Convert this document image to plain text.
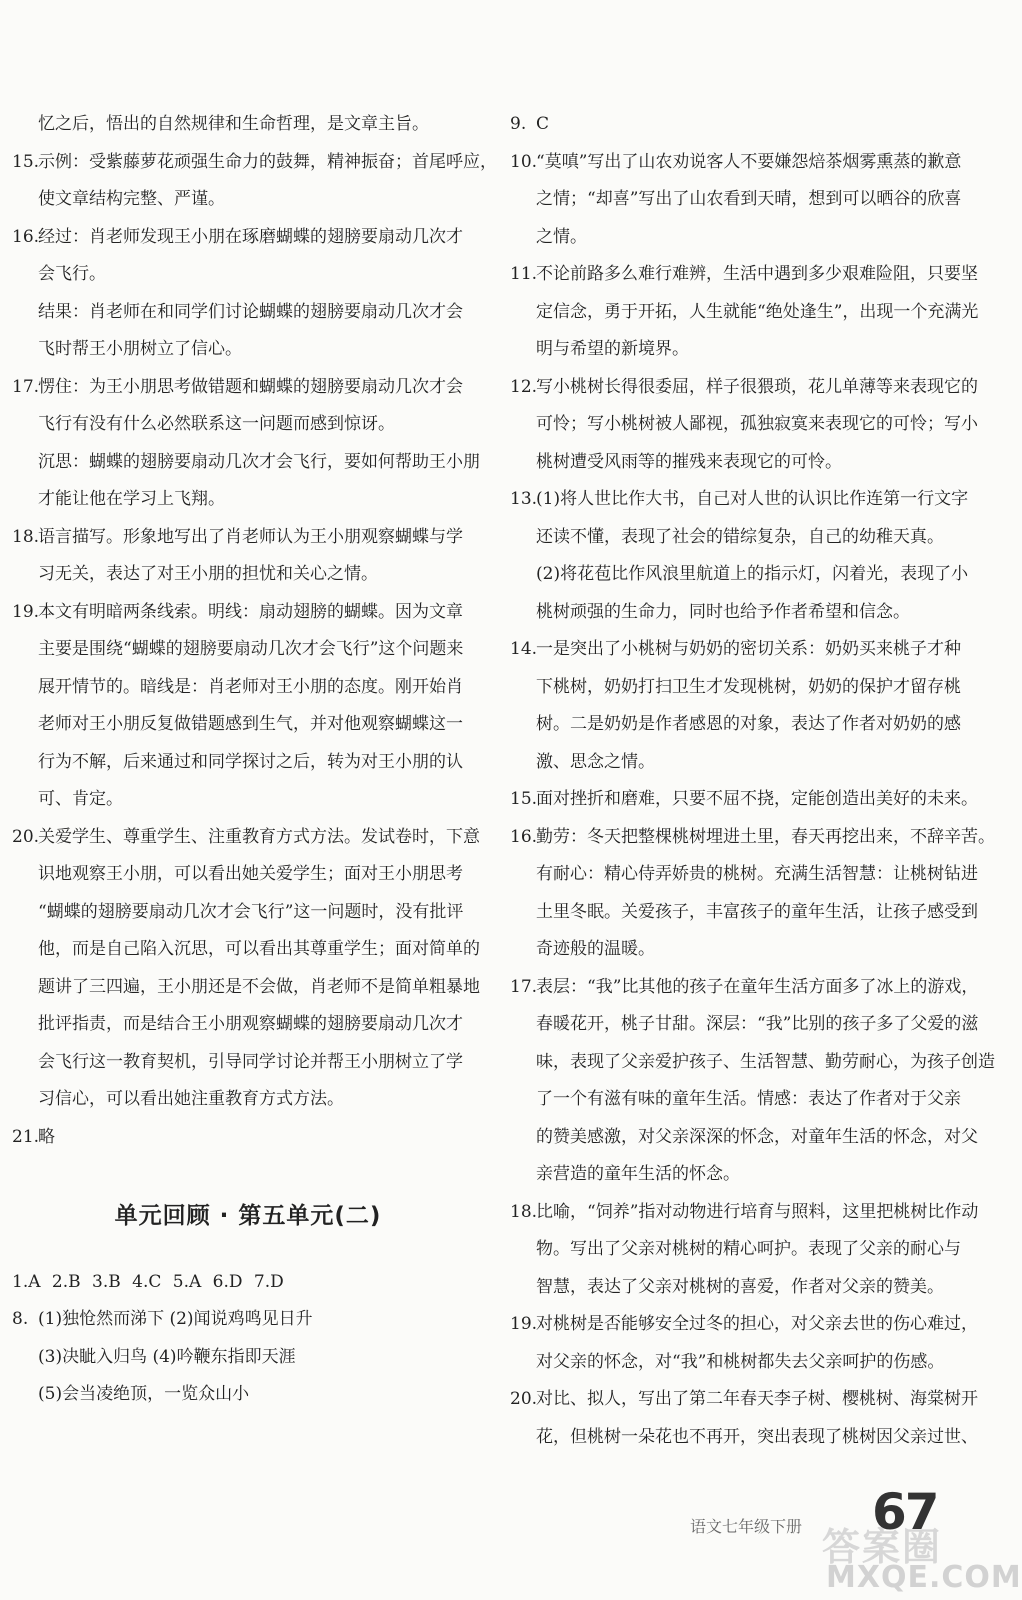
忆之后，悟出的自然规律和生命哲理，是文章主旨。
15.
示例：受紫藤萝花顽强生命力的鼓舞，精神振奋；首尾呼应，
使文章结构完整、严谨。
16.
经过：肖老师发现王小朋在琢磨蝴蝶的翅膀要扇动几次才
会飞行。
结果：肖老师在和同学们讨论蝴蝶的翅膀要扇动几次才会
飞时帮王小朋树立了信心。
17.
愣住：为王小朋思考做错题和蝴蝶的翅膀要扇动几次才会
飞行有没有什么必然联系这一问题而感到惊讶。
沉思：蝴蝶的翅膀要扇动几次才会飞行，要如何帮助王小朋
才能让他在学习上飞翔。
18.
语言描写。形象地写出了肖老师认为王小朋观察蝴蝶与学
习无关，表达了对王小朋的担忧和关心之情。
19.
本文有明暗两条线索。明线：扇动翅膀的蝴蝶。因为文章
主要是围绕“蝴蝶的翅膀要扇动几次才会飞行”这个问题来
展开情节的。暗线是：肖老师对王小朋的态度。刚开始肖
老师对王小朋反复做错题感到生气，并对他观察蝴蝶这一
行为不解，后来通过和同学探讨之后，转为对王小朋的认
可、肯定。
20.
关爱学生、尊重学生、注重教育方式方法。发试卷时，下意
识地观察王小朋，可以看出她关爱学生；面对王小朋思考
“蝴蝶的翅膀要扇动几次才会飞行”这一问题时，没有批评
他，而是自己陷入沉思，可以看出其尊重学生；面对简单的
题讲了三四遍，王小朋还是不会做，肖老师不是简单粗暴地
批评指责，而是结合王小朋观察蝴蝶的翅膀要扇动几次才
会飞行这一教育契机，引导同学讨论并帮王小朋树立了学
习信心，可以看出她注重教育方式方法。
21.
略
单元回顾 · 第五单元(二)
1.A 2.B 3.B 4.C 5.A 6.D 7.D
8. (1)独怆然而涕下 (2)闻说鸡鸣见日升
(3)决眦入归鸟 (4)吟鞭东指即天涯
(5)会当凌绝顶，一览众山小
9. C
10.
“莫嗔”写出了山农劝说客人不要嫌怨焙茶烟雾熏蒸的歉意
之情；“却喜”写出了山农看到天晴，想到可以晒谷的欣喜
之情。
11.
不论前路多么难行难辨，生活中遇到多少艰难险阻，只要坚
定信念，勇于开拓，人生就能“绝处逢生”，出现一个充满光
明与希望的新境界。
12.
写小桃树长得很委屈，样子很猥琐，花儿单薄等来表现它的
可怜；写小桃树被人鄙视，孤独寂寞来表现它的可怜；写小
桃树遭受风雨等的摧残来表现它的可怜。
13.
(1)将人世比作大书，自己对人世的认识比作连第一行文字
还读不懂，表现了社会的错综复杂，自己的幼稚天真。
(2)将花苞比作风浪里航道上的指示灯，闪着光，表现了小
桃树顽强的生命力，同时也给予作者希望和信念。
14.
一是突出了小桃树与奶奶的密切关系：奶奶买来桃子才种
下桃树，奶奶打扫卫生才发现桃树，奶奶的保护才留存桃
树。二是奶奶是作者感恩的对象，表达了作者对奶奶的感
激、思念之情。
15.
面对挫折和磨难，只要不屈不挠，定能创造出美好的未来。
16.
勤劳：冬天把整棵桃树埋进土里，春天再挖出来，不辞辛苦。
有耐心：精心侍弄娇贵的桃树。充满生活智慧：让桃树钻进
土里冬眠。关爱孩子，丰富孩子的童年生活，让孩子感受到
奇迹般的温暖。
17.
表层：“我”比其他的孩子在童年生活方面多了冰上的游戏，
春暖花开，桃子甘甜。深层：“我”比别的孩子多了父爱的滋
味，表现了父亲爱护孩子、生活智慧、勤劳耐心，为孩子创造
了一个有滋有味的童年生活。情感：表达了作者对于父亲
的赞美感激，对父亲深深的怀念，对童年生活的怀念，对父
亲营造的童年生活的怀念。
18.
比喻，“饲养”指对动物进行培育与照料，这里把桃树比作动
物。写出了父亲对桃树的精心呵护。表现了父亲的耐心与
智慧，表达了父亲对桃树的喜爱，作者对父亲的赞美。
19.
对桃树是否能够安全过冬的担心，对父亲去世的伤心难过，
对父亲的怀念，对“我”和桃树都失去父亲呵护的伤感。
20.
对比、拟人，写出了第二年春天李子树、樱桃树、海棠树开
花，但桃树一朵花也不再开，突出表现了桃树因父亲过世、
语文七年级下册 67
答案圈
MXQE.COM
